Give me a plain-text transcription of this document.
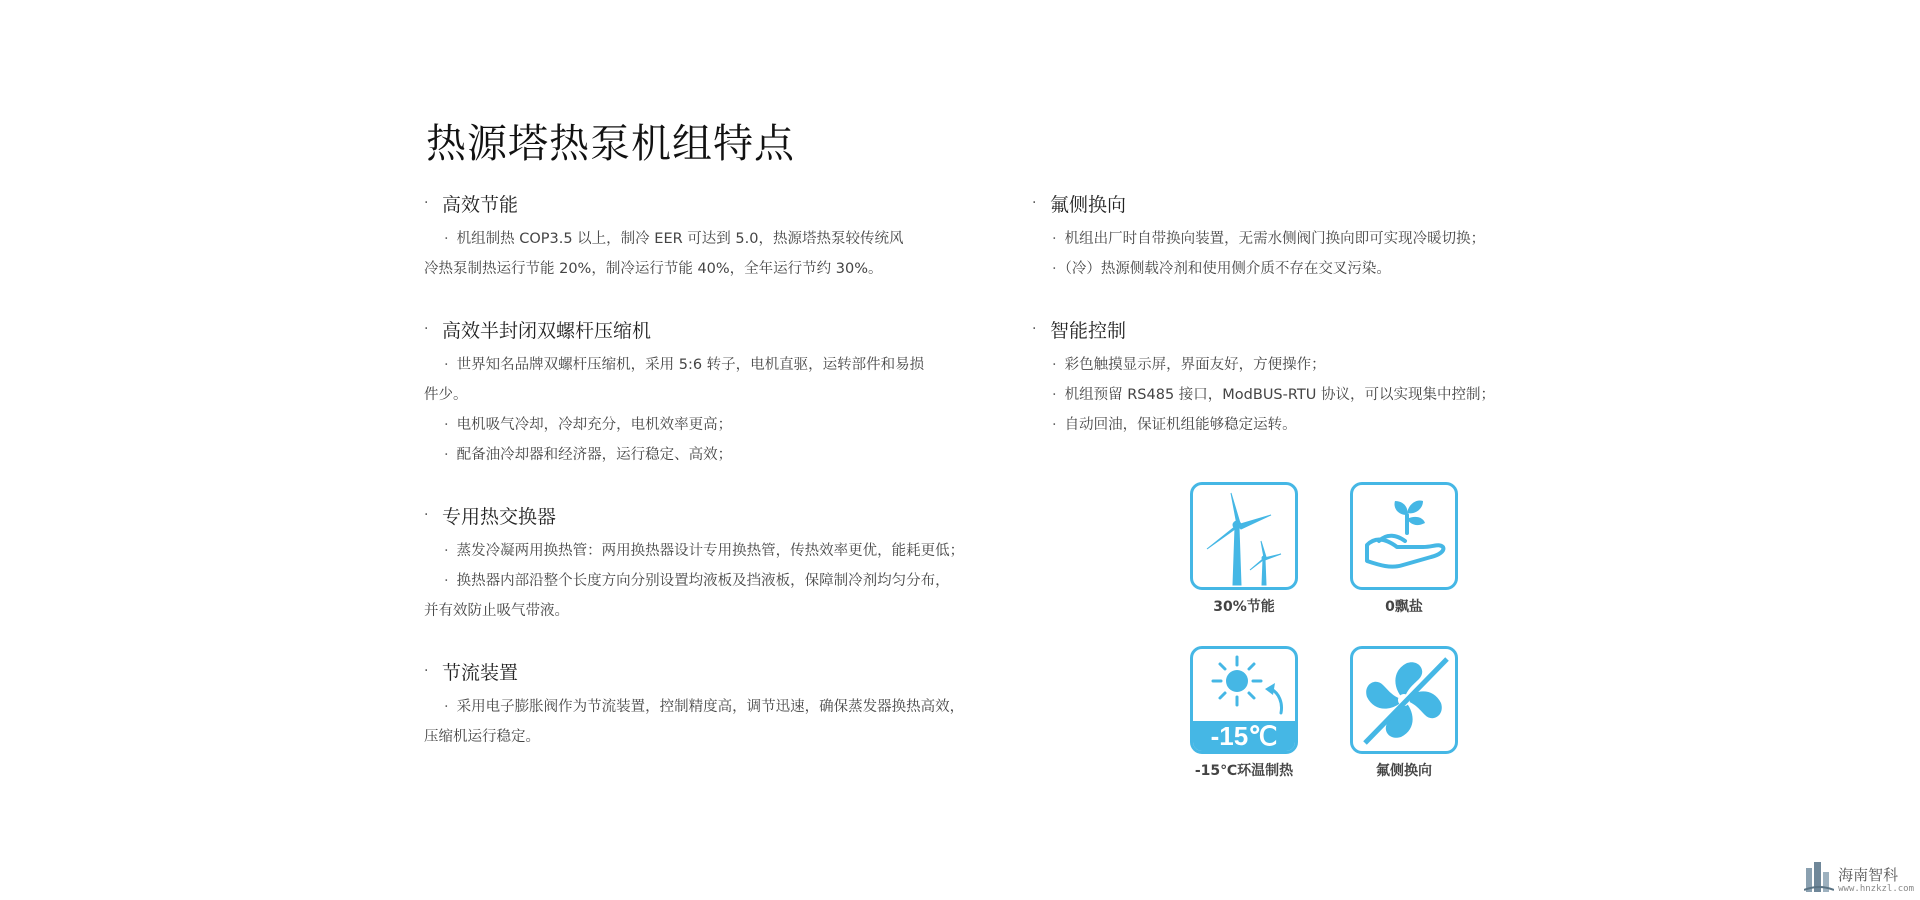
热源塔热泵机组特点
· 高效节能
· 机组制热 COP3.5 以上，制冷 EER 可达到 5.0，热源塔热泵较传统风
冷热泵制热运行节能 20%，制冷运行节能 40%，全年运行节约 30%。
· 高效半封闭双螺杆压缩机
· 世界知名品牌双螺杆压缩机，采用 5:6 转子，电机直驱，运转部件和易损
件少。
· 电机吸气冷却，冷却充分，电机效率更高；
· 配备油冷却器和经济器，运行稳定、高效；
· 专用热交换器
· 蒸发冷凝两用换热管：两用换热器设计专用换热管，传热效率更优，能耗更低；
· 换热器内部沿整个长度方向分别设置均液板及挡液板，保障制冷剂均匀分布，
并有效防止吸气带液。
· 节流装置
· 采用电子膨胀阀作为节流装置，控制精度高，调节迅速，确保蒸发器换热高效，
压缩机运行稳定。
· 氟侧换向
· 机组出厂时自带换向装置，无需水侧阀门换向即可实现冷暖切换；
· （冷）热源侧载冷剂和使用侧介质不存在交叉污染。
· 智能控制
· 彩色触摸显示屏，界面友好，方便操作；
· 机组预留 RS485 接口，ModBUS-RTU 协议，可以实现集中控制；
· 自动回油，保证机组能够稳定运转。
30%节能	0飘盐
-15℃
-15℃环温制热	氟侧换向
海南智科
www.hnzkzl.com
